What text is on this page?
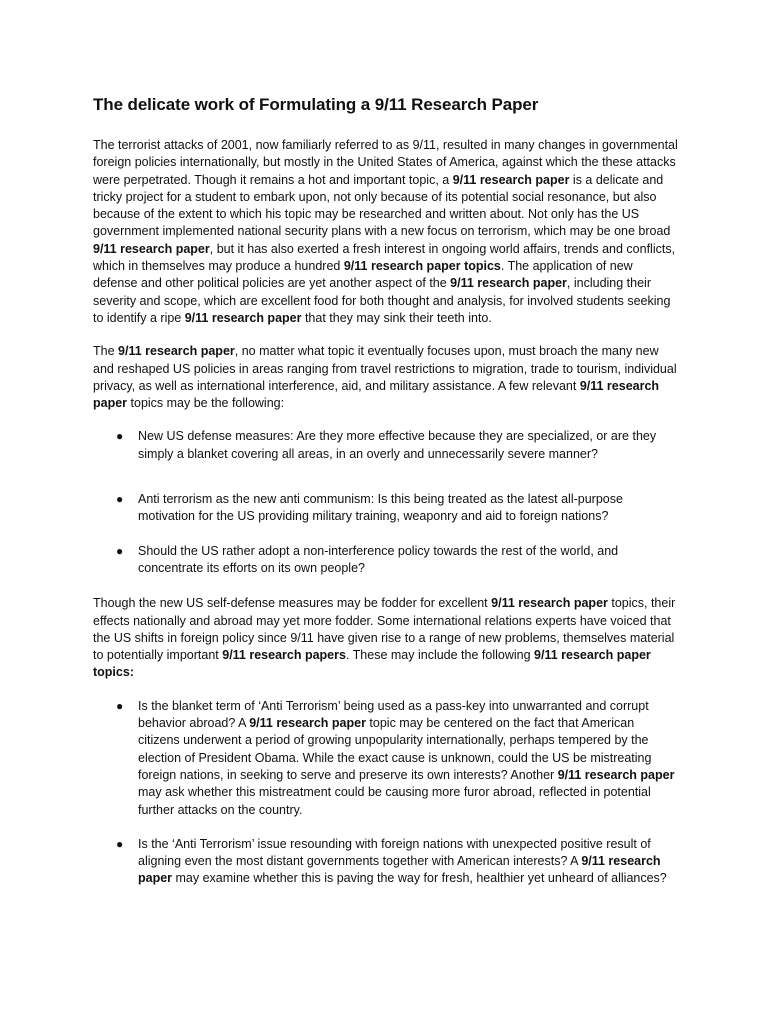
The delicate work of Formulating a 9/11 Research Paper

The terrorist attacks of 2001, now familiarly referred to as 9/11, resulted in many changes in governmental foreign policies internationally, but mostly in the United States of America, against which the these attacks were perpetrated. Though it remains a hot and important topic, a 9/11 research paper is a delicate and tricky project for a student to embark upon, not only because of its potential social resonance, but also because of the extent to which his topic may be researched and written about. Not only has the US government implemented national security plans with a new focus on terrorism, which may be one broad 9/11 research paper, but it has also exerted a fresh interest in ongoing world affairs, trends and conflicts, which in themselves may produce a hundred 9/11 research paper topics. The application of new defense and other political policies are yet another aspect of the 9/11 research paper, including their severity and scope, which are excellent food for both thought and analysis, for involved students seeking to identify a ripe 9/11 research paper that they may sink their teeth into.

The 9/11 research paper, no matter what topic it eventually focuses upon, must broach the many new and reshaped US policies in areas ranging from travel restrictions to migration, trade to tourism, individual privacy, as well as international interference, aid, and military assistance. A few relevant 9/11 research paper topics may be the following:

● New US defense measures: Are they more effective because they are specialized, or are they simply a blanket covering all areas, in an overly and unnecessarily severe manner?
● Anti terrorism as the new anti communism: Is this being treated as the latest all-purpose motivation for the US providing military training, weaponry and aid to foreign nations?
● Should the US rather adopt a non-interference policy towards the rest of the world, and concentrate its efforts on its own people?

Though the new US self-defense measures may be fodder for excellent 9/11 research paper topics, their effects nationally and abroad may yet more fodder. Some international relations experts have voiced that the US shifts in foreign policy since 9/11 have given rise to a range of new problems, themselves material to potentially important 9/11 research papers. These may include the following 9/11 research paper topics:

● Is the blanket term of ‘Anti Terrorism’ being used as a pass-key into unwarranted and corrupt behavior abroad? A 9/11 research paper topic may be centered on the fact that American citizens underwent a period of growing unpopularity internationally, perhaps tempered by the election of President Obama. While the exact cause is unknown, could the US be mistreating foreign nations, in seeking to serve and preserve its own interests? Another 9/11 research paper may ask whether this mistreatment could be causing more furor abroad, reflected in potential further attacks on the country.
● Is the ‘Anti Terrorism’ issue resounding with foreign nations with unexpected positive result of aligning even the most distant governments together with American interests? A 9/11 research paper may examine whether this is paving the way for fresh, healthier yet unheard of alliances?
